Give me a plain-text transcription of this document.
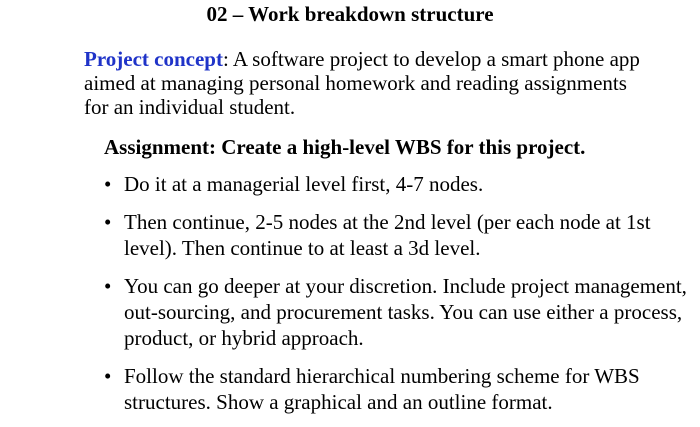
02 – Work breakdown structure
Project concept: A software project to develop a smart phone app aimed at managing personal homework and reading assignments for an individual student.
Assignment: Create a high-level WBS for this project.
• Do it at a managerial level first, 4-7 nodes.
• Then continue, 2-5 nodes at the 2nd level (per each node at 1st level). Then continue to at least a 3d level.
• You can go deeper at your discretion. Include project management, out-sourcing, and procurement tasks. You can use either a process, product, or hybrid approach.
• Follow the standard hierarchical numbering scheme for WBS structures. Show a graphical and an outline format.
